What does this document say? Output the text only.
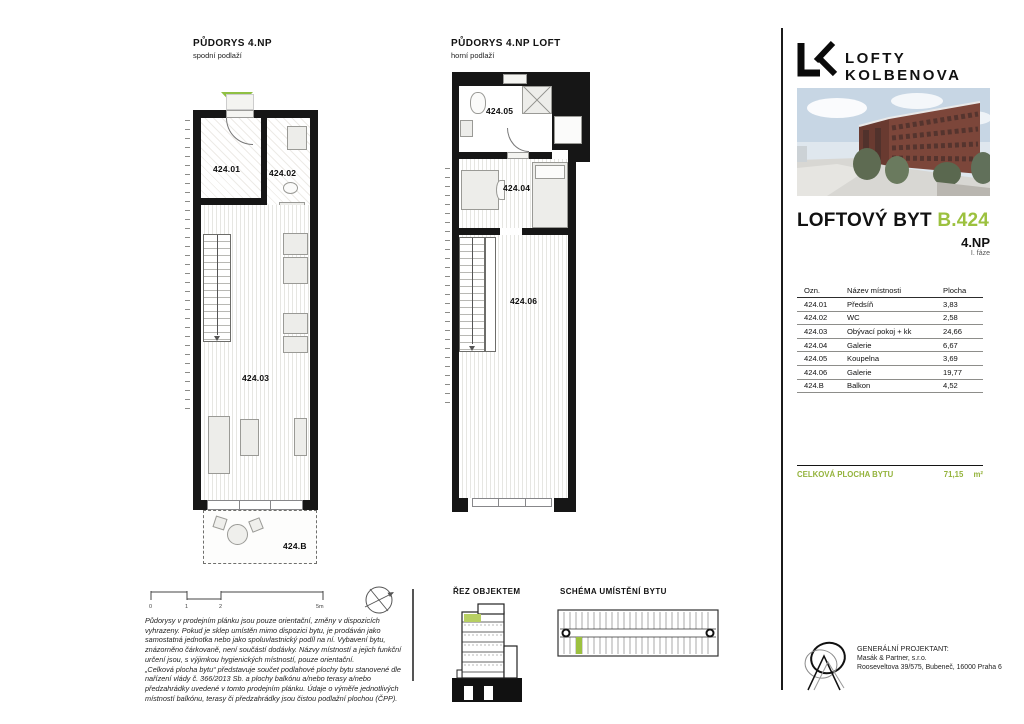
PŮDORYS 4.NP
spodní podlaží
PŮDORYS 4.NP LOFT
horní podlaží
424.01	424.02
424.03
424.B
424.05
424.04
424.06
LOFTY KOLBENOVA
LOFTOVÝ BYT B.424
4.NP
I. fáze
Ozn.	Název místnosti	Plocha
424.01	Předsíň	3,83
424.02	WC	2,58
424.03	Obývací pokoj + kk	24,66
424.04	Galerie	6,67
424.05	Koupelna	3,69
424.06	Galerie	19,77
424.B	Balkon	4,52
CELKOVÁ PLOCHA BYTU	71,15 m²
GENERÁLNÍ PROJEKTANT:
Masák & Partner, s.r.o.
Rooseveltova 39/575, Bubeneč, 16000 Praha 6
0	1	2	5m

Půdorysy v prodejním plánku jsou pouze orientační, změny v dispozicích vyhrazeny. Pokud je sklep umístěn mimo dispozici bytu, je prodáván jako samostatná jednotka nebo jako spoluvlastnický podíl na ní. Vybavení bytu, znázorněno čárkovaně, není součástí dodávky. Názvy místností a jejich funkční určení jsou, s výjimkou hygienických místností, pouze orientační.

„Celková plocha bytu“ představuje součet podlahové plochy bytu stanovené dle nařízení vlády č. 366/2013 Sb. a plochy balkónu a/nebo terasy a/nebo předzahrádky uvedené v tomto prodejním plánku. Údaje o výměře jednotlivých místností balkónu, terasy či předzahrádky jsou čistou podlažní plochou (ČPP).

ŘEZ OBJEKTEM	SCHÉMA UMÍSTĚNÍ BYTU
